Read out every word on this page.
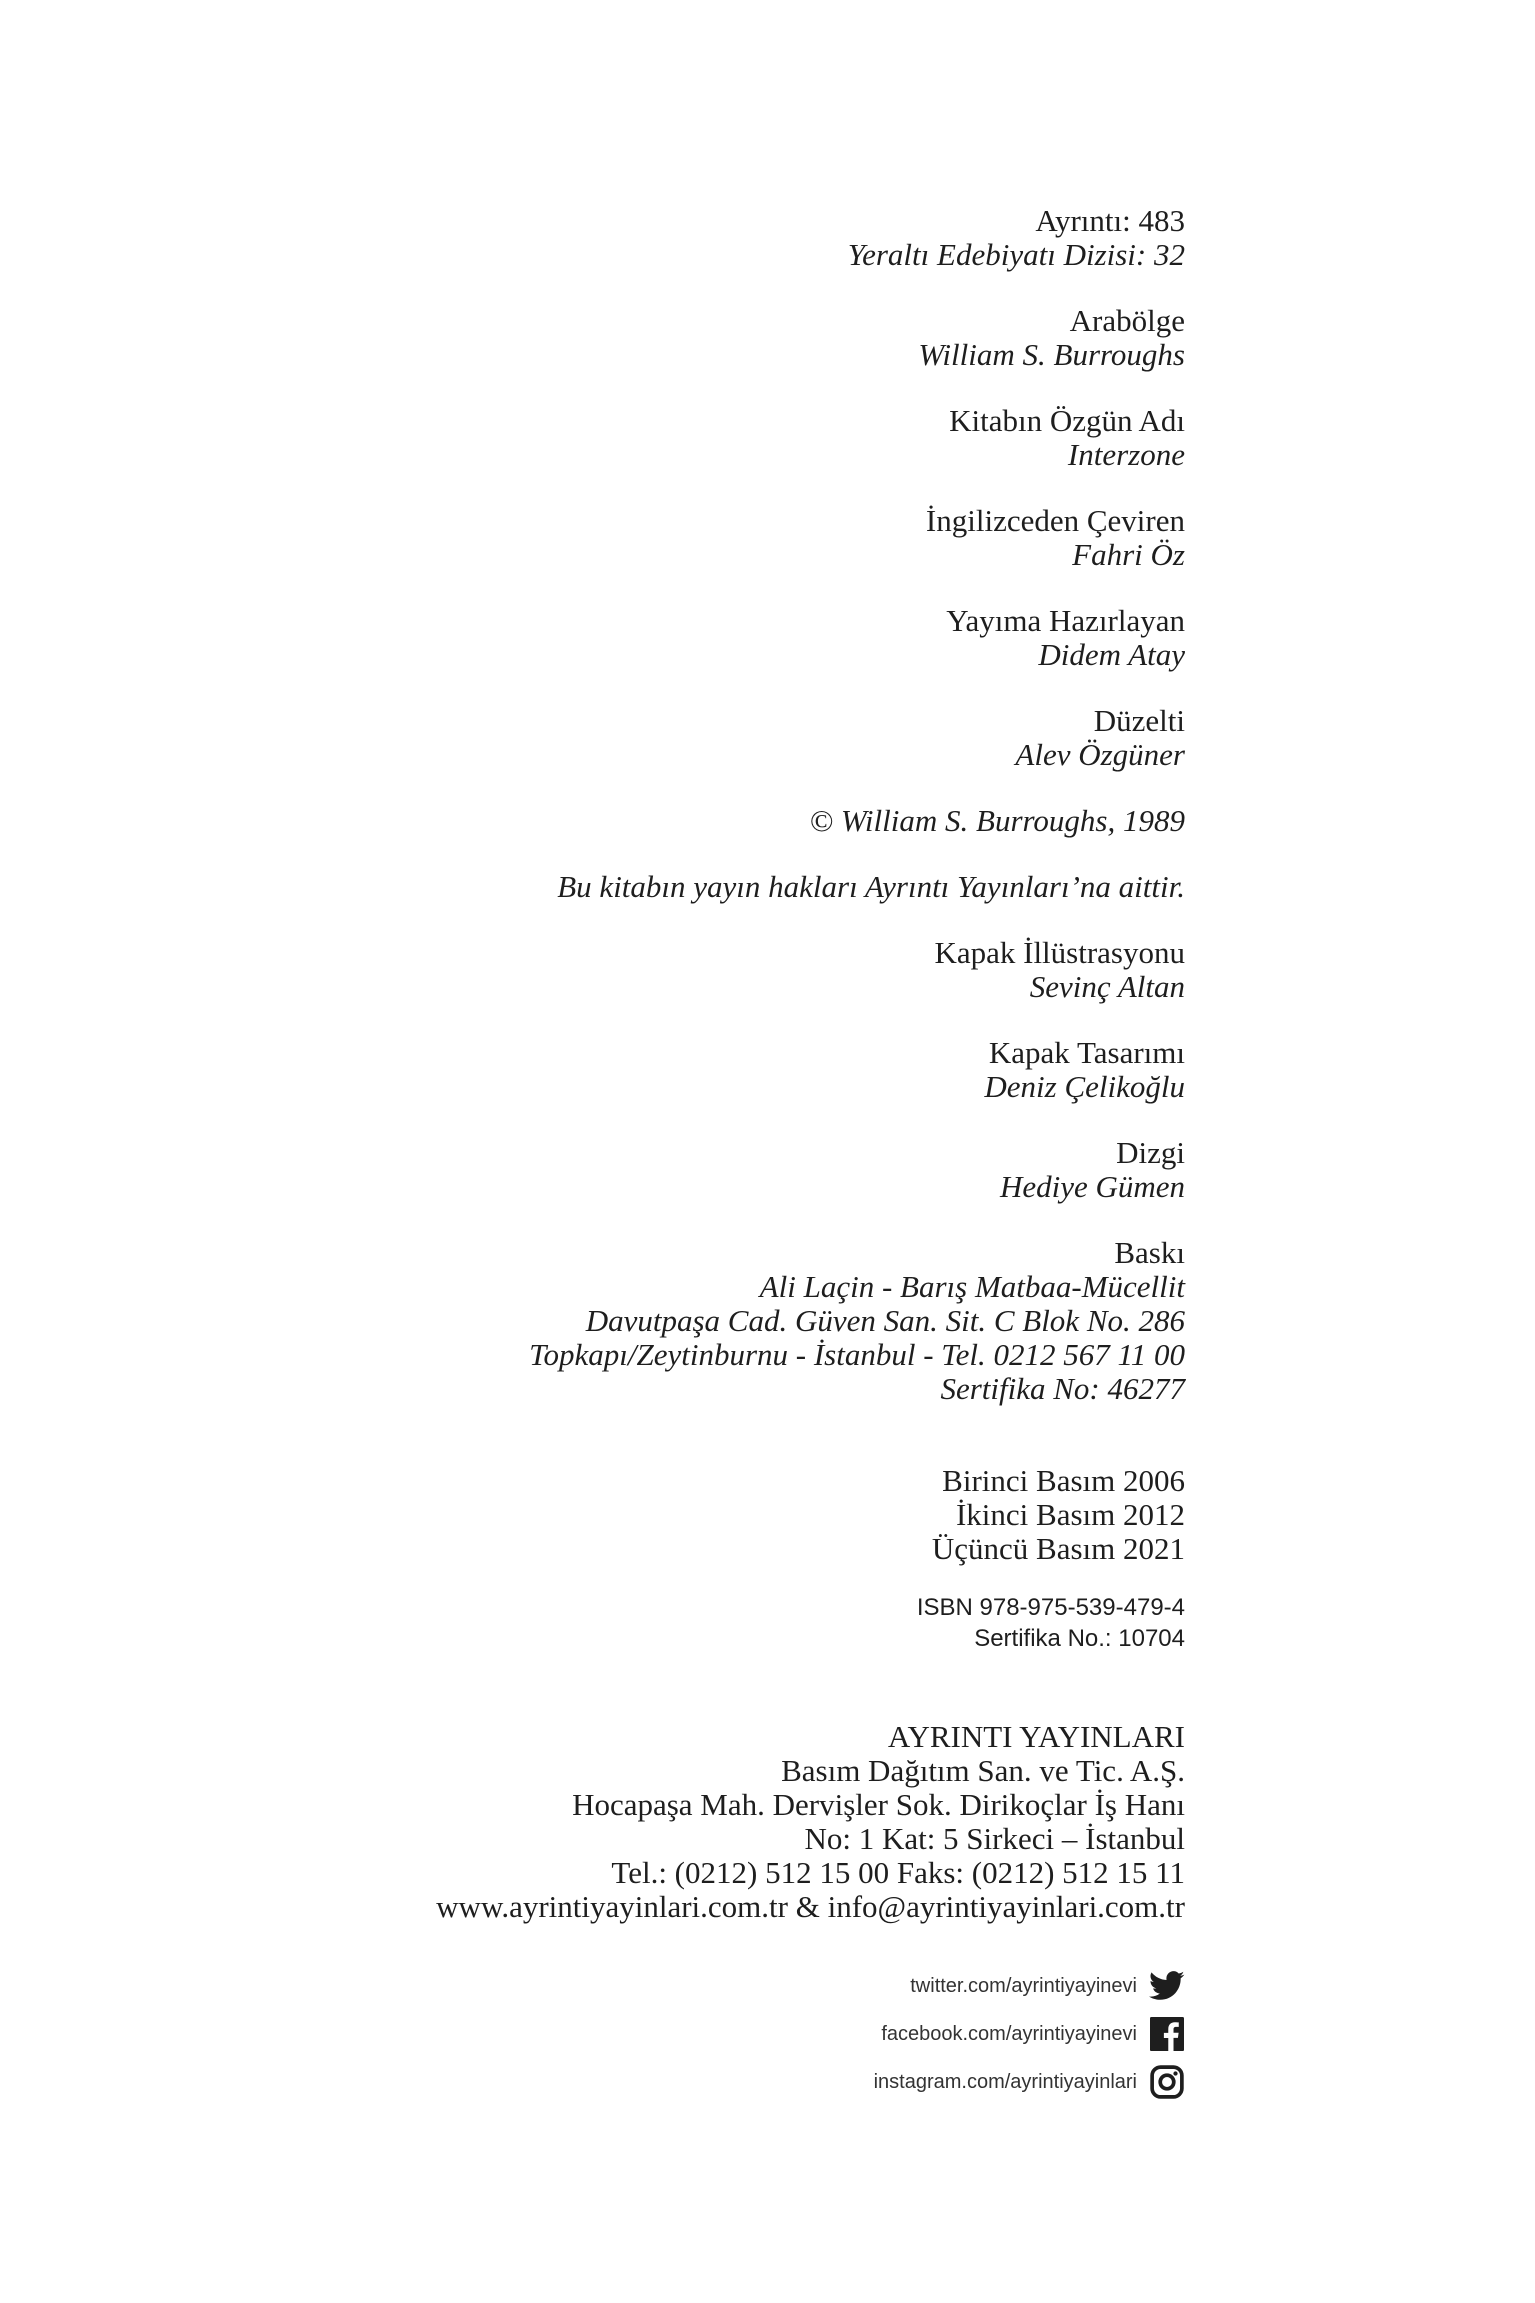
Ayrıntı: 483

Yeraltı Edebiyatı Dizisi: 32

Arabölge

William S. Burroughs

Kitabın Özgün Adı

Interzone

İngilizceden Çeviren

Fahri Öz

Yayıma Hazırlayan

Didem Atay

Düzelti

Alev Özgüner

© William S. Burroughs, 1989

Bu kitabın yayın hakları Ayrıntı Yayınları’na aittir.

Kapak İllüstrasyonu

Sevinç Altan

Kapak Tasarımı

Deniz Çelikoğlu

Dizgi

Hediye Gümen

Baskı

Ali Laçin - Barış Matbaa-Mücellit

Davutpaşa Cad. Güven San. Sit. C Blok No. 286

Topkapı/Zeytinburnu - İstanbul - Tel. 0212 567 11 00

Sertifika No: 46277

Birinci Basım 2006

İkinci Basım 2012

Üçüncü Basım 2021

ISBN 978-975-539-479-4

Sertifika No.: 10704

AYRINTI YAYINLARI

Basım Dağıtım San. ve Tic. A.Ş.

Hocapaşa Mah. Dervişler Sok. Dirikoçlar İş Hanı

No: 1 Kat: 5 Sirkeci – İstanbul

Tel.: (0212) 512 15 00 Faks: (0212) 512 15 11

www.ayrintiyayinlari.com.tr & info@ayrintiyayinlari.com.tr

twitter.com/ayrintiyayinevi
facebook.com/ayrintiyayinevi
instagram.com/ayrintiyayinlari
